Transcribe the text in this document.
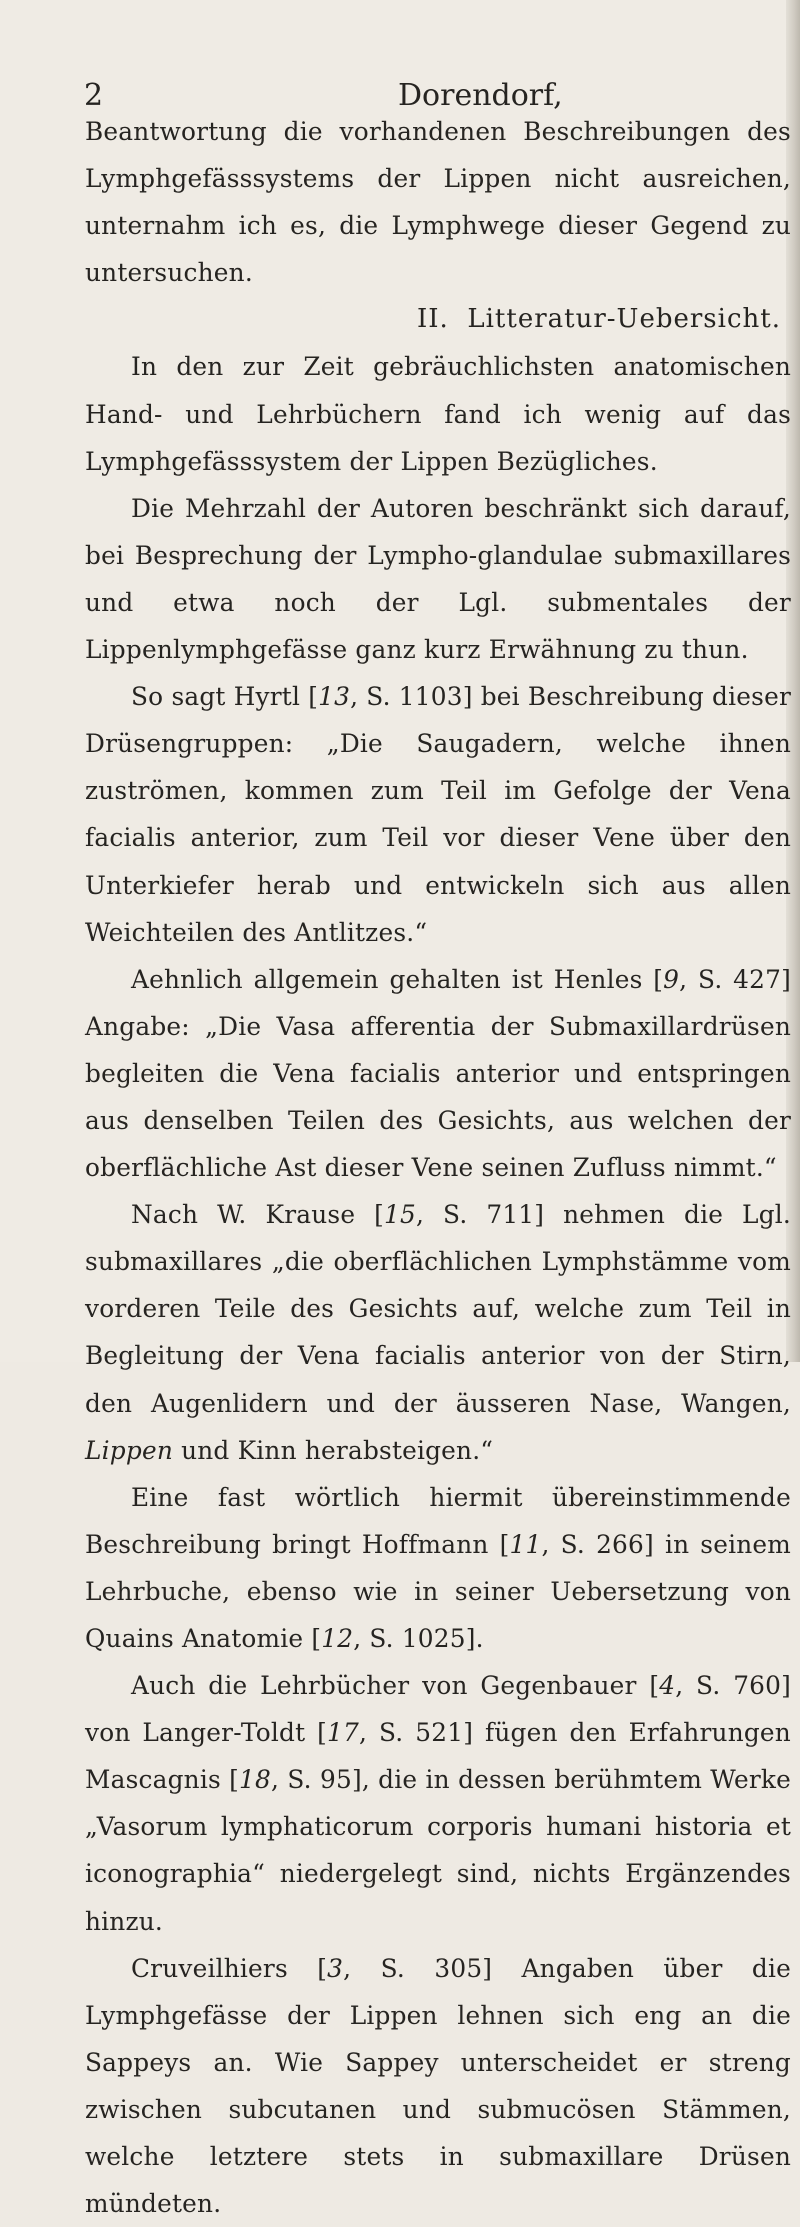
2	Dorendorf,

Beantwortung die vorhandenen Beschreibungen des Lymphgefässsystems der Lippen nicht ausreichen, unternahm ich es, die Lymphwege dieser Gegend zu untersuchen.

II. Litteratur-Uebersicht.

In den zur Zeit gebräuchlichsten anatomischen Hand- und Lehrbüchern fand ich wenig auf das Lymphgefässsystem der Lippen Bezügliches.

Die Mehrzahl der Autoren beschränkt sich darauf, bei Besprechung der Lympho-glandulae submaxillares und etwa noch der Lgl. submentales der Lippenlymphgefässe ganz kurz Erwähnung zu thun.

So sagt Hyrtl [13, S. 1103] bei Beschreibung dieser Drüsengruppen: „Die Saugadern, welche ihnen zuströmen, kommen zum Teil im Gefolge der Vena facialis anterior, zum Teil vor dieser Vene über den Unterkiefer herab und entwickeln sich aus allen Weichteilen des Antlitzes.“

Aehnlich allgemein gehalten ist Henles [9, S. 427] Angabe: „Die Vasa afferentia der Submaxillardrüsen begleiten die Vena facialis anterior und entspringen aus denselben Teilen des Gesichts, aus welchen der oberflächliche Ast dieser Vene seinen Zufluss nimmt.“

Nach W. Krause [15, S. 711] nehmen die Lgl. submaxillares „die oberflächlichen Lymphstämme vom vorderen Teile des Gesichts auf, welche zum Teil in Begleitung der Vena facialis anterior von der Stirn, den Augenlidern und der äusseren Nase, Wangen, Lippen und Kinn herabsteigen.“

Eine fast wörtlich hiermit übereinstimmende Beschreibung bringt Hoffmann [11, S. 266] in seinem Lehrbuche, ebenso wie in seiner Uebersetzung von Quains Anatomie [12, S. 1025].

Auch die Lehrbücher von Gegenbauer [4, S. 760] von Langer-Toldt [17, S. 521] fügen den Erfahrungen Mascagnis [18, S. 95], die in dessen berühmtem Werke „Vasorum lymphaticorum corporis humani historia et iconographia“ niedergelegt sind, nichts Ergänzendes hinzu.

Cruveilhiers [3, S. 305] Angaben über die Lymphgefässe der Lippen lehnen sich eng an die Sappeys an. Wie Sappey unterscheidet er streng zwischen subcutanen und submucösen Stämmen, welche letztere stets in submaxillare Drüsen mündeten.
